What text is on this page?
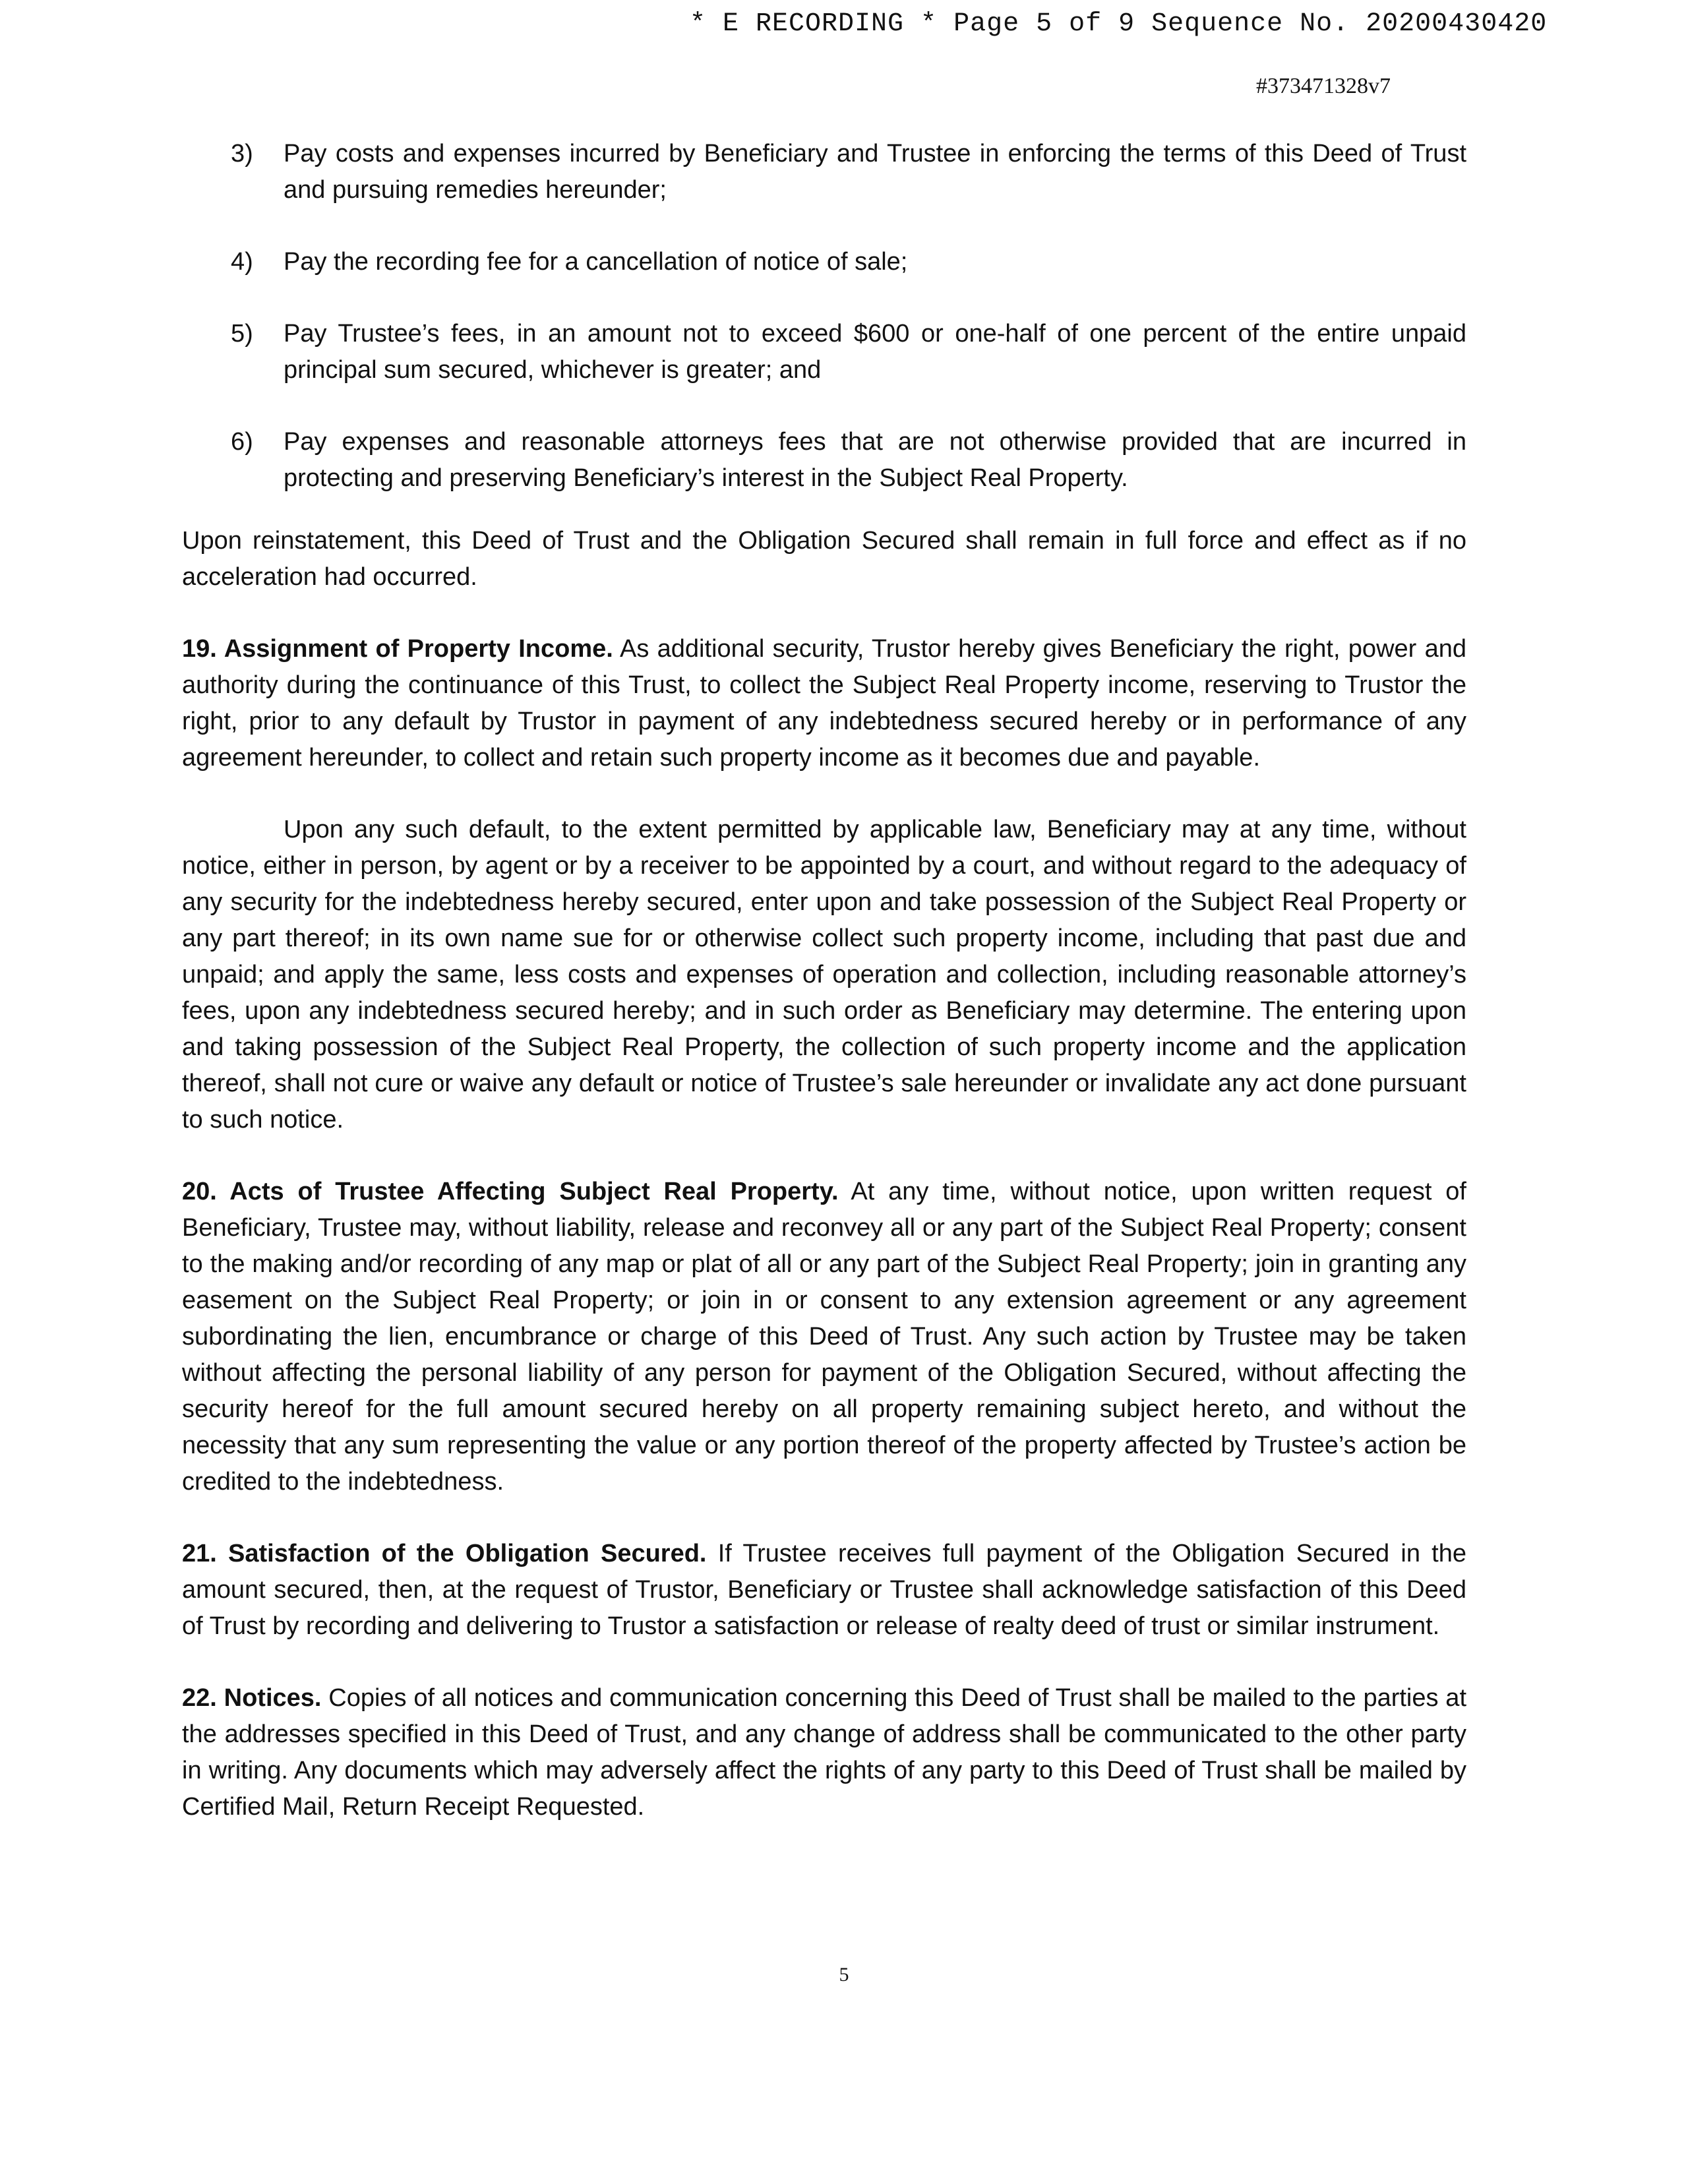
* E RECORDING * Page 5 of 9 Sequence No. 20200430420
#373471328v7
3) Pay costs and expenses incurred by Beneficiary and Trustee in enforcing the terms of this Deed of Trust and pursuing remedies hereunder;
4) Pay the recording fee for a cancellation of notice of sale;
5) Pay Trustee’s fees, in an amount not to exceed $600 or one-half of one percent of the entire unpaid principal sum secured, whichever is greater; and
6) Pay expenses and reasonable attorneys fees that are not otherwise provided that are incurred in protecting and preserving Beneficiary’s interest in the Subject Real Property.

Upon reinstatement, this Deed of Trust and the Obligation Secured shall remain in full force and effect as if no acceleration had occurred.

19. Assignment of Property Income. As additional security, Trustor hereby gives Beneficiary the right, power and authority during the continuance of this Trust, to collect the Subject Real Property income, reserving to Trustor the right, prior to any default by Trustor in payment of any indebtedness secured hereby or in performance of any agreement hereunder, to collect and retain such property income as it becomes due and payable.

Upon any such default, to the extent permitted by applicable law, Beneficiary may at any time, without notice, either in person, by agent or by a receiver to be appointed by a court, and without regard to the adequacy of any security for the indebtedness hereby secured, enter upon and take possession of the Subject Real Property or any part thereof; in its own name sue for or otherwise collect such property income, including that past due and unpaid; and apply the same, less costs and expenses of operation and collection, including reasonable attorney’s fees, upon any indebtedness secured hereby; and in such order as Beneficiary may determine. The entering upon and taking possession of the Subject Real Property, the collection of such property income and the application thereof, shall not cure or waive any default or notice of Trustee’s sale hereunder or invalidate any act done pursuant to such notice.

20. Acts of Trustee Affecting Subject Real Property. At any time, without notice, upon written request of Beneficiary, Trustee may, without liability, release and reconvey all or any part of the Subject Real Property; consent to the making and/or recording of any map or plat of all or any part of the Subject Real Property; join in granting any easement on the Subject Real Property; or join in or consent to any extension agreement or any agreement subordinating the lien, encumbrance or charge of this Deed of Trust. Any such action by Trustee may be taken without affecting the personal liability of any person for payment of the Obligation Secured, without affecting the security hereof for the full amount secured hereby on all property remaining subject hereto, and without the necessity that any sum representing the value or any portion thereof of the property affected by Trustee’s action be credited to the indebtedness.

21. Satisfaction of the Obligation Secured. If Trustee receives full payment of the Obligation Secured in the amount secured, then, at the request of Trustor, Beneficiary or Trustee shall acknowledge satisfaction of this Deed of Trust by recording and delivering to Trustor a satisfaction or release of realty deed of trust or similar instrument.

22. Notices. Copies of all notices and communication concerning this Deed of Trust shall be mailed to the parties at the addresses specified in this Deed of Trust, and any change of address shall be communicated to the other party in writing. Any documents which may adversely affect the rights of any party to this Deed of Trust shall be mailed by Certified Mail, Return Receipt Requested.

5
